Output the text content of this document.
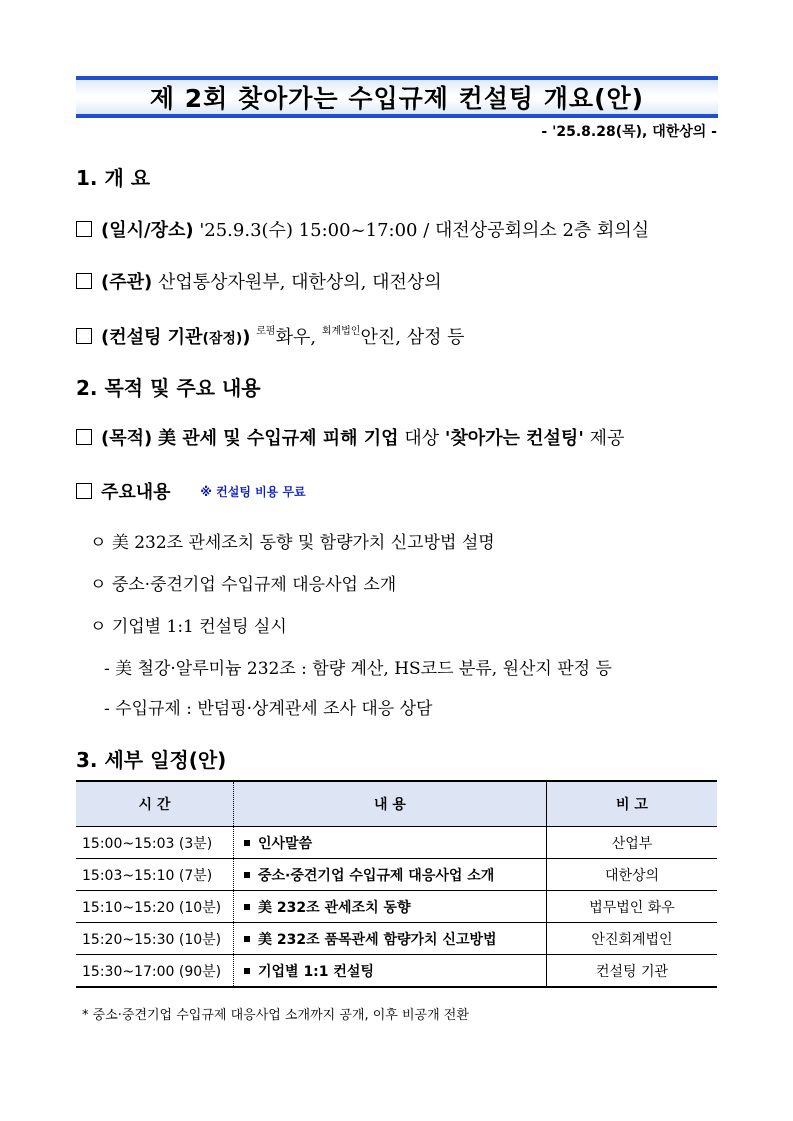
제 2회 찾아가는 수입규제 컨설팅 개요(안)
- '25.8.28(목), 대한상의 -
1. 개 요
(일시/장소) '25.9.3(수) 15:00~17:00 / 대전상공회의소 2층 회의실
(주관) 산업통상자원부, 대한상의, 대전상의
(컨설팅 기관(잠정)) $^{로펌}$화우, $^{회계법인}$안진, 삼정 등
2. 목적 및 주요 내용
(목적) 美 관세 및 수입규제 피해 기업 대상 '찾아가는 컨설팅' 제공
주요내용 ※ 컨설팅 비용 무료
ㅇ 美 232조 관세조치 동향 및 함량가치 신고방법 설명
ㅇ 중소·중견기업 수입규제 대응사업 소개
ㅇ 기업별 1:1 컨설팅 실시
- 美 철강·알루미늄 232조 : 함량 계산, HS코드 분류, 원산지 판정 등
- 수입규제 : 반덤핑·상계관세 조사 대응 상담
3. 세부 일정(안)
시 간	내 용	비 고
15:00~15:03 (3분)	인사말씀	산업부
15:03~15:10 (7분)	중소·중견기업 수입규제 대응사업 소개	대한상의
15:10~15:20 (10분)	美 232조 관세조치 동향	법무법인 화우
15:20~15:30 (10분)	美 232조 품목관세 함량가치 신고방법	안진회계법인
15:30~17:00 (90분)	기업별 1:1 컨설팅	컨설팅 기관
* 중소·중견기업 수입규제 대응사업 소개까지 공개, 이후 비공개 전환
